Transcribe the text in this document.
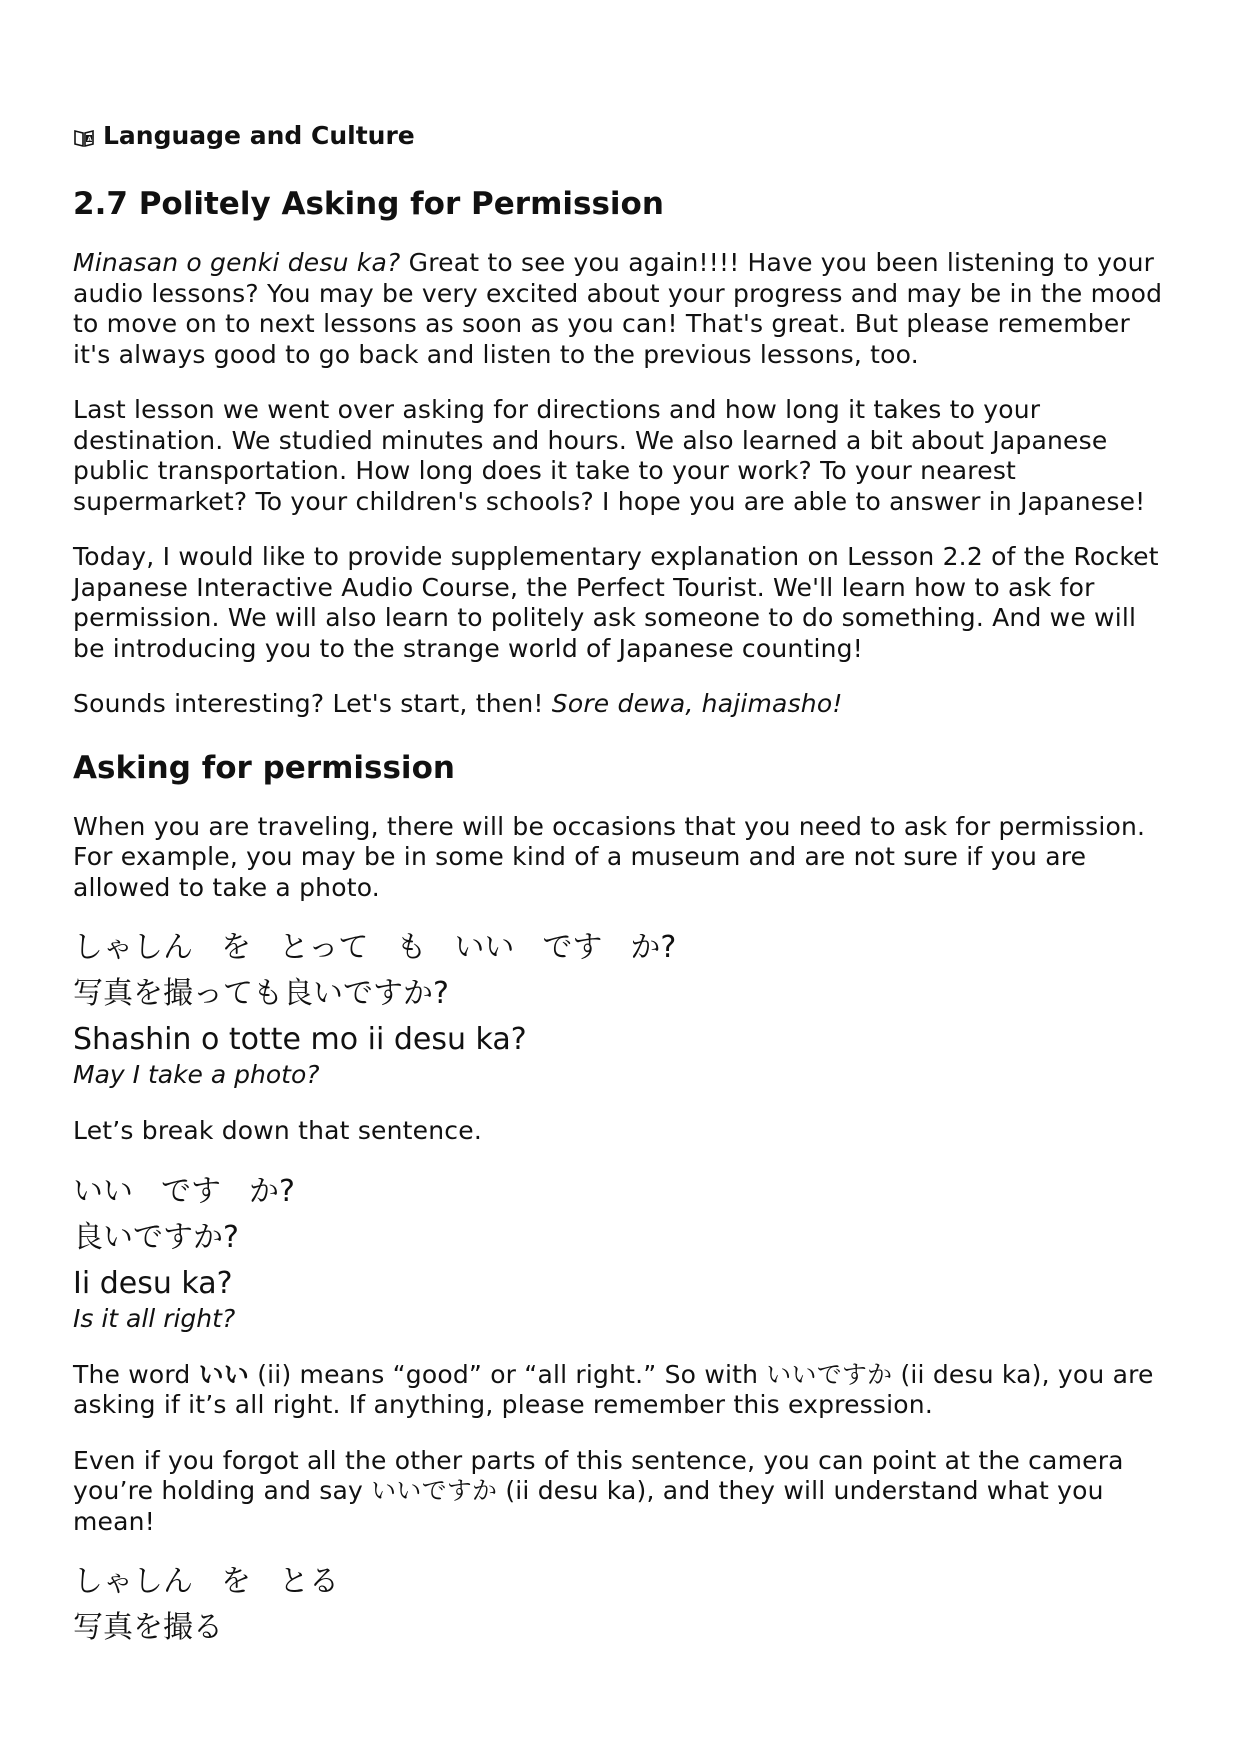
A Language and Culture
2.7 Politely Asking for Permission

Minasan o genki desu ka? Great to see you again!!!! Have you been listening to your audio lessons? You may be very excited about your progress and may be in the mood to move on to next lessons as soon as you can! That's great. But please remember it's always good to go back and listen to the previous lessons, too.

Last lesson we went over asking for directions and how long it takes to your destination. We studied minutes and hours. We also learned a bit about Japanese public transportation. How long does it take to your work? To your nearest supermarket? To your children's schools? I hope you are able to answer in Japanese!

Today, I would like to provide supplementary explanation on Lesson 2.2 of the Rocket Japanese Interactive Audio Course, the Perfect Tourist. We'll learn how to ask for permission. We will also learn to politely ask someone to do something. And we will be introducing you to the strange world of Japanese counting!

Sounds interesting? Let's start, then! Sore dewa, hajimasho!

Asking for permission

When you are traveling, there will be occasions that you need to ask for permission. For example, you may be in some kind of a museum and are not sure if you are allowed to take a photo.

しゃしん を とって も いい です か?
写真を撮っても良いですか?
Shashin o totte mo ii desu ka?
May I take a photo?

Let’s break down that sentence.

いい です か?
良いですか?
Ii desu ka?
Is it all right?

The word いい (ii) means “good” or “all right.” So with いいですか (ii desu ka), you are asking if it’s all right. If anything, please remember this expression.

Even if you forgot all the other parts of this sentence, you can point at the camera you’re holding and say いいですか (ii desu ka), and they will understand what you mean!

しゃしん を とる
写真を撮る
